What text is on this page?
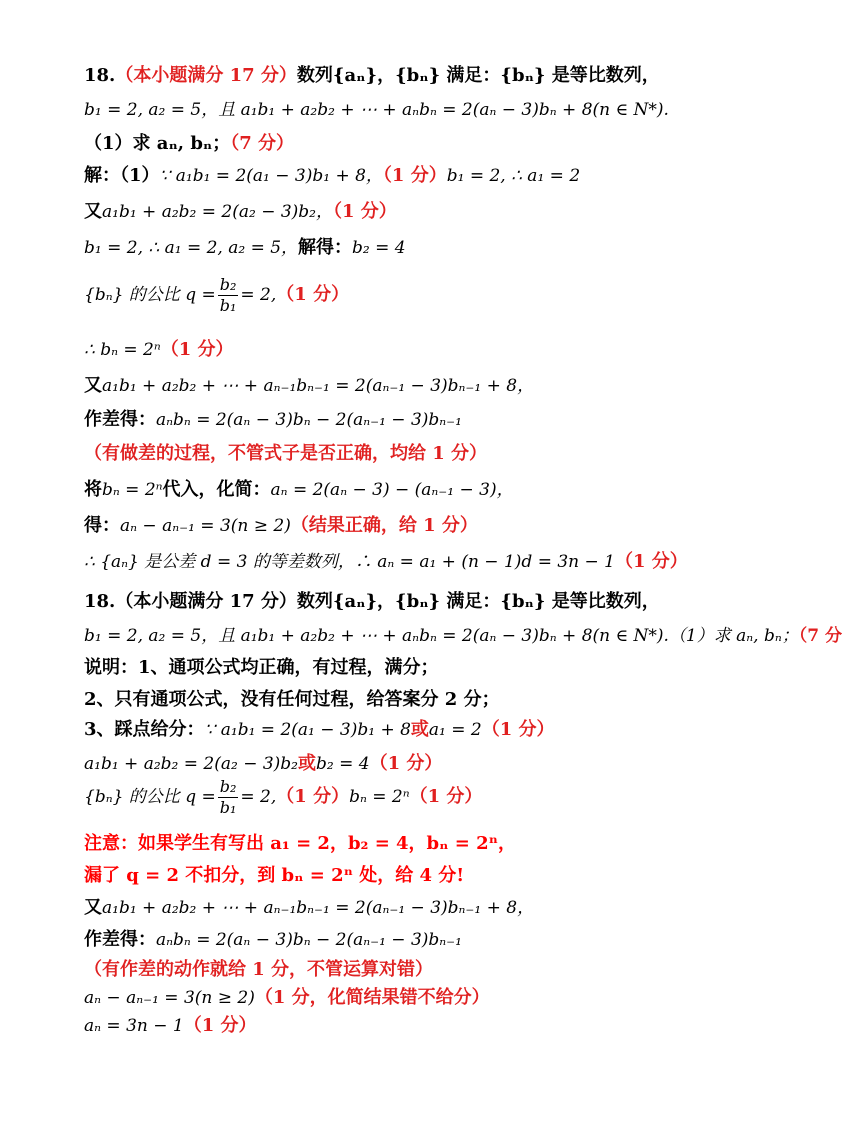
18.（本小题满分 17 分）数列{aₙ}，{bₙ} 满足：{bₙ} 是等比数列，
b₁ = 2, a₂ = 5，且 a₁b₁ + a₂b₂ + ⋯ + aₙbₙ = 2(aₙ − 3)bₙ + 8(n ∈ N*).
（1）求 aₙ, bₙ；（7 分）
解：（1）∵ a₁b₁ = 2(a₁ − 3)b₁ + 8，（1 分）b₁ = 2, ∴ a₁ = 2
又a₁b₁ + a₂b₂ = 2(a₂ − 3)b₂，（1 分）
b₁ = 2, ∴ a₁ = 2, a₂ = 5，解得：b₂ = 4
{bₙ} 的公比 $q = \frac{\text{b₂}}{\text{b₁}} = 2,(1$ 分）
∴ bₙ = 2ⁿ（1 分）
又a₁b₁ + a₂b₂ + ⋯ + aₙ₋₁bₙ₋₁ = 2(aₙ₋₁ − 3)bₙ₋₁ + 8，
作差得：aₙbₙ = 2(aₙ − 3)bₙ − 2(aₙ₋₁ − 3)bₙ₋₁
（有做差的过程，不管式子是否正确，均给 1 分）
将bₙ = 2ⁿ代入，化简：aₙ = 2(aₙ − 3) − (aₙ₋₁ − 3)，
得：aₙ − aₙ₋₁ = 3(n ≥ 2)（结果正确，给 1 分）
∴ {aₙ} 是公差 d = 3 的等差数列，∴ aₙ = a₁ + (n − 1)d = 3n − 1（1 分）
18.（本小题满分 17 分）数列{aₙ}，{bₙ} 满足：{bₙ} 是等比数列，
b₁ = 2, a₂ = 5，且 a₁b₁ + a₂b₂ + ⋯ + aₙbₙ = 2(aₙ − 3)bₙ + 8(n ∈ N*).（1）求 aₙ, bₙ；（7 分
说明：1、通项公式均正确，有过程，满分；
2、只有通项公式，没有任何过程，给答案分 2 分；
3、踩点给分：∵ a₁b₁ = 2(a₁ − 3)b₁ + 8或a₁ = 2（1 分）
a₁b₁ + a₂b₂ = 2(a₂ − 3)b₂或b₂ = 4（1 分）
{bₙ} 的公比 $q = \frac{\text{b₂}}{\text{b₁}} = 2,(1$ 分）bₙ = 2ⁿ（1 分）
注意：如果学生有写出 a₁ = 2，b₂ = 4，bₙ = 2ⁿ，
漏了 q = 2 不扣分，到 bₙ = 2ⁿ 处，给 4 分!
又a₁b₁ + a₂b₂ + ⋯ + aₙ₋₁bₙ₋₁ = 2(aₙ₋₁ − 3)bₙ₋₁ + 8，
作差得：aₙbₙ = 2(aₙ − 3)bₙ − 2(aₙ₋₁ − 3)bₙ₋₁
（有作差的动作就给 1 分，不管运算对错）
aₙ − aₙ₋₁ = 3(n ≥ 2)（1 分，化简结果错不给分）
aₙ = 3n − 1（1 分）
